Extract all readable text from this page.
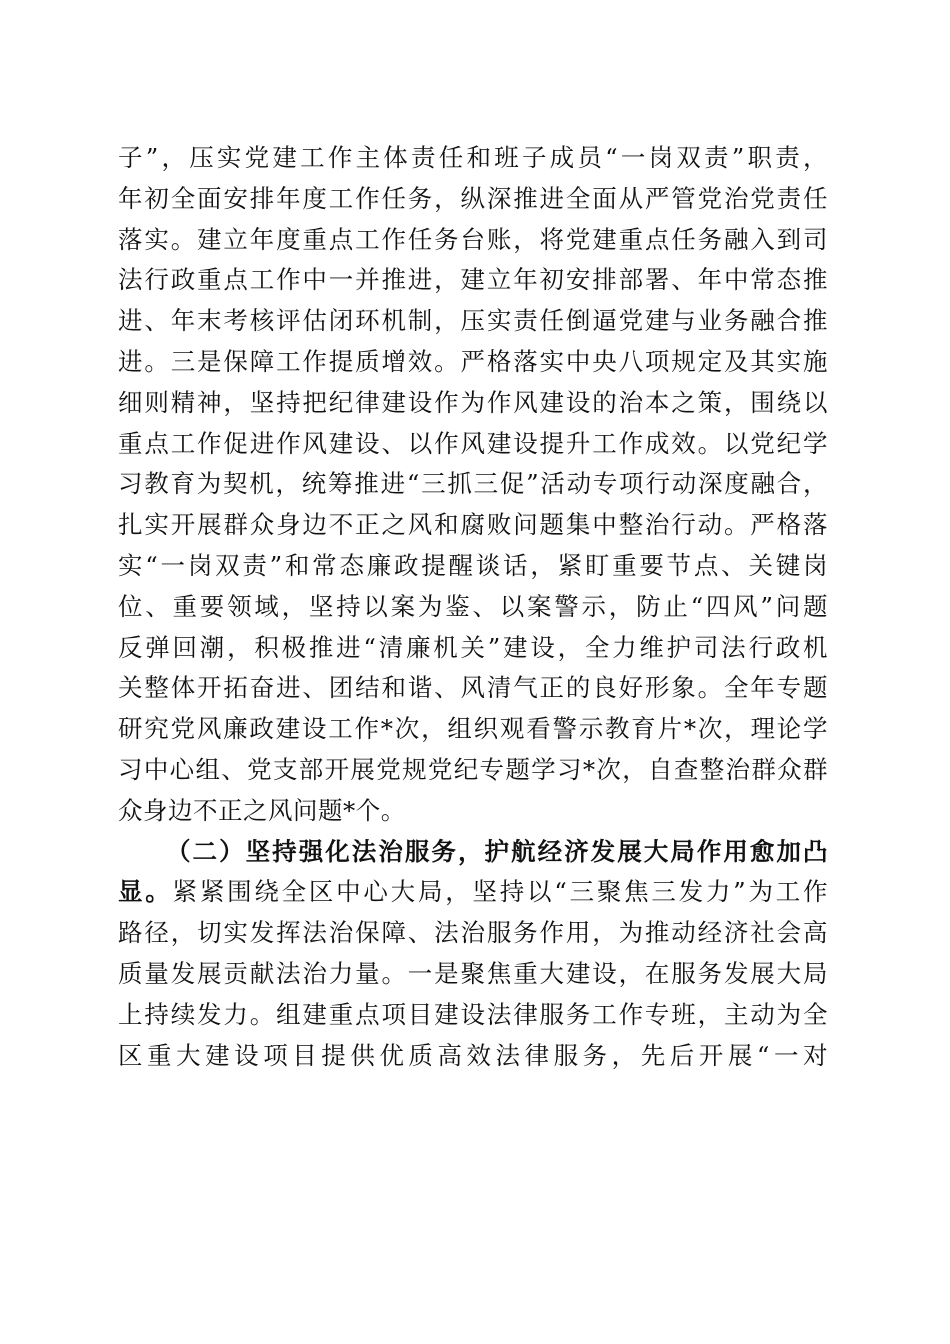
子”，压实党建工作主体责任和班子成员“一岗双责”职责，
年初全面安排年度工作任务，纵深推进全面从严管党治党责任
落实。建立年度重点工作任务台账，将党建重点任务融入到司
法行政重点工作中一并推进，建立年初安排部署、年中常态推
进、年末考核评估闭环机制，压实责任倒逼党建与业务融合推
进。三是保障工作提质增效。严格落实中央八项规定及其实施
细则精神，坚持把纪律建设作为作风建设的治本之策，围绕以
重点工作促进作风建设、以作风建设提升工作成效。以党纪学
习教育为契机，统筹推进“三抓三促”活动专项行动深度融合，
扎实开展群众身边不正之风和腐败问题集中整治行动。严格落
实“一岗双责”和常态廉政提醒谈话，紧盯重要节点、关键岗
位、重要领域，坚持以案为鉴、以案警示，防止“四风”问题
反弹回潮，积极推进“清廉机关”建设，全力维护司法行政机
关整体开拓奋进、团结和谐、风清气正的良好形象。全年专题
研究党风廉政建设工作*次，组织观看警示教育片*次，理论学
习中心组、党支部开展党规党纪专题学习*次，自查整治群众群
众身边不正之风问题*个。
（二）坚持强化法治服务，护航经济发展大局作用愈加凸
显。紧紧围绕全区中心大局，坚持以“三聚焦三发力”为工作
路径，切实发挥法治保障、法治服务作用，为推动经济社会高
质量发展贡献法治力量。一是聚焦重大建设，在服务发展大局
上持续发力。组建重点项目建设法律服务工作专班，主动为全
区重大建设项目提供优质高效法律服务，先后开展“一对
